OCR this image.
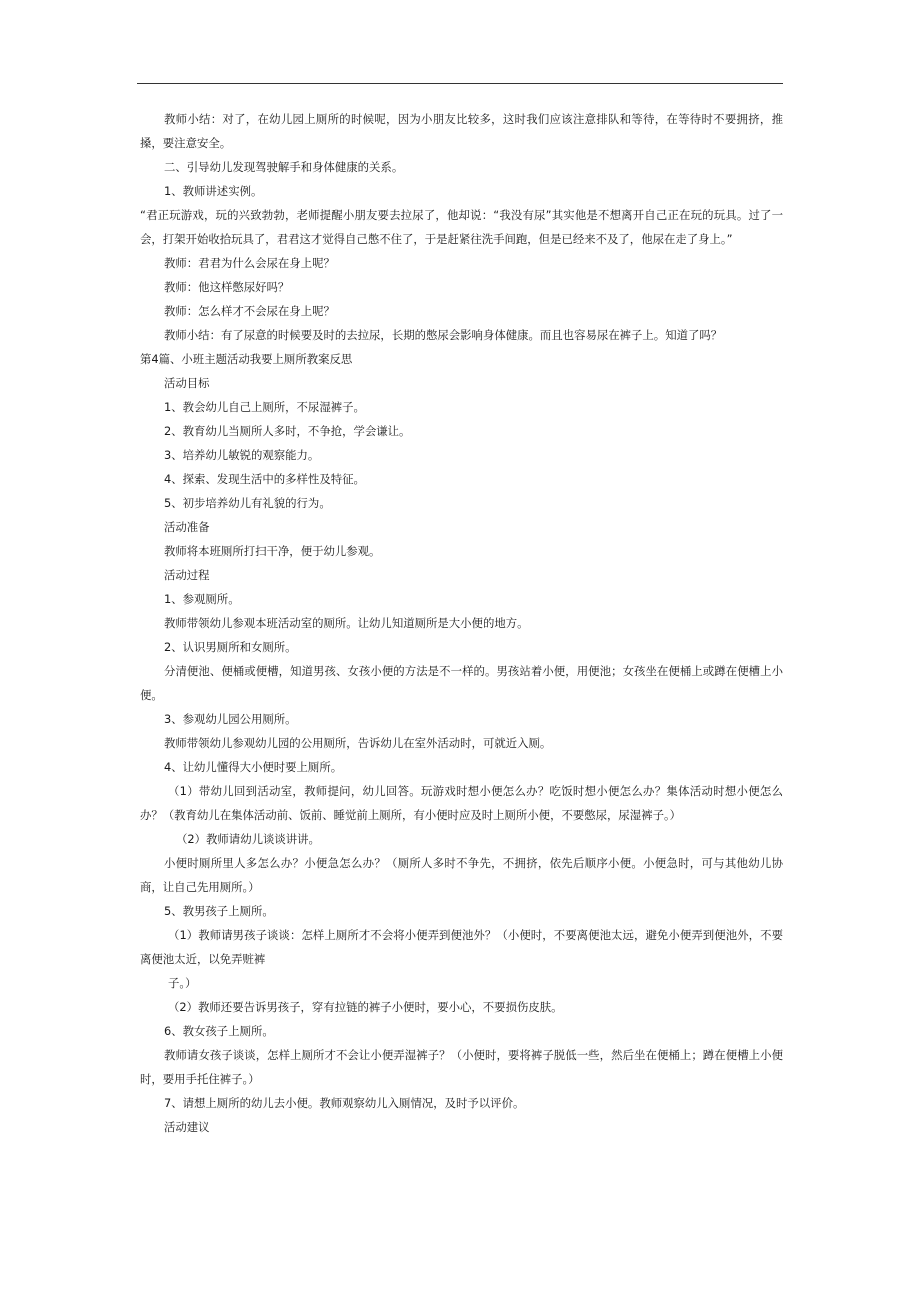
教师小结：对了，在幼儿园上厕所的时候呢，因为小朋友比较多，这时我们应该注意排队和等待，在等待时不要拥挤，推搡，要注意安全。

二、引导幼儿发现驾驶解手和身体健康的关系。

1、教师讲述实例。

“君正玩游戏，玩的兴致勃勃，老师提醒小朋友要去拉尿了，他却说：“我没有尿”其实他是不想离开自己正在玩的玩具。过了一会，打架开始收拾玩具了，君君这才觉得自己憋不住了，于是赶紧往洗手间跑，但是已经来不及了，他尿在走了身上。”

教师：君君为什么会尿在身上呢？

教师：他这样憋尿好吗？

教师：怎么样才不会尿在身上呢？

教师小结：有了尿意的时候要及时的去拉尿，长期的憋尿会影响身体健康。而且也容易尿在裤子上。知道了吗？

第4篇、小班主题活动我要上厕所教案反思

活动目标

1、教会幼儿自己上厕所，不尿湿裤子。

2、教育幼儿当厕所人多时，不争抢，学会谦让。

3、培养幼儿敏锐的观察能力。

4、探索、发现生活中的多样性及特征。

5、初步培养幼儿有礼貌的行为。

活动准备

教师将本班厕所打扫干净，便于幼儿参观。

活动过程

1、参观厕所。

教师带领幼儿参观本班活动室的厕所。让幼儿知道厕所是大小便的地方。

2、认识男厕所和女厕所。

分清便池、便桶或便槽，知道男孩、女孩小便的方法是不一样的。男孩站着小便，用便池；女孩坐在便桶上或蹲在便槽上小便。

3、参观幼儿园公用厕所。

教师带领幼儿参观幼儿园的公用厕所，告诉幼儿在室外活动时，可就近入厕。

4、让幼儿懂得大小便时要上厕所。

（1）带幼儿回到活动室，教师提问，幼儿回答。玩游戏时想小便怎么办？吃饭时想小便怎么办？集体活动时想小便怎么办？（教育幼儿在集体活动前、饭前、睡觉前上厕所，有小便时应及时上厕所小便，不要憋尿，尿湿裤子。）

（2）教师请幼儿谈谈讲讲。

小便时厕所里人多怎么办？小便急怎么办？（厕所人多时不争先，不拥挤，依先后顺序小便。小便急时，可与其他幼儿协商，让自己先用厕所。）

5、教男孩子上厕所。

（1）教师请男孩子谈谈：怎样上厕所才不会将小便弄到便池外？（小便时，不要离便池太远，避免小便弄到便池外，不要离便池太近，以免弄赃裤

子。）

（2）教师还要告诉男孩子，穿有拉链的裤子小便时，要小心，不要损伤皮肤。

6、教女孩子上厕所。

教师请女孩子谈谈，怎样上厕所才不会让小便弄湿裤子？（小便时，要将裤子脱低一些，然后坐在便桶上；蹲在便槽上小便时，要用手托住裤子。）

7、请想上厕所的幼儿去小便。教师观察幼儿入厕情况，及时予以评价。

活动建议
